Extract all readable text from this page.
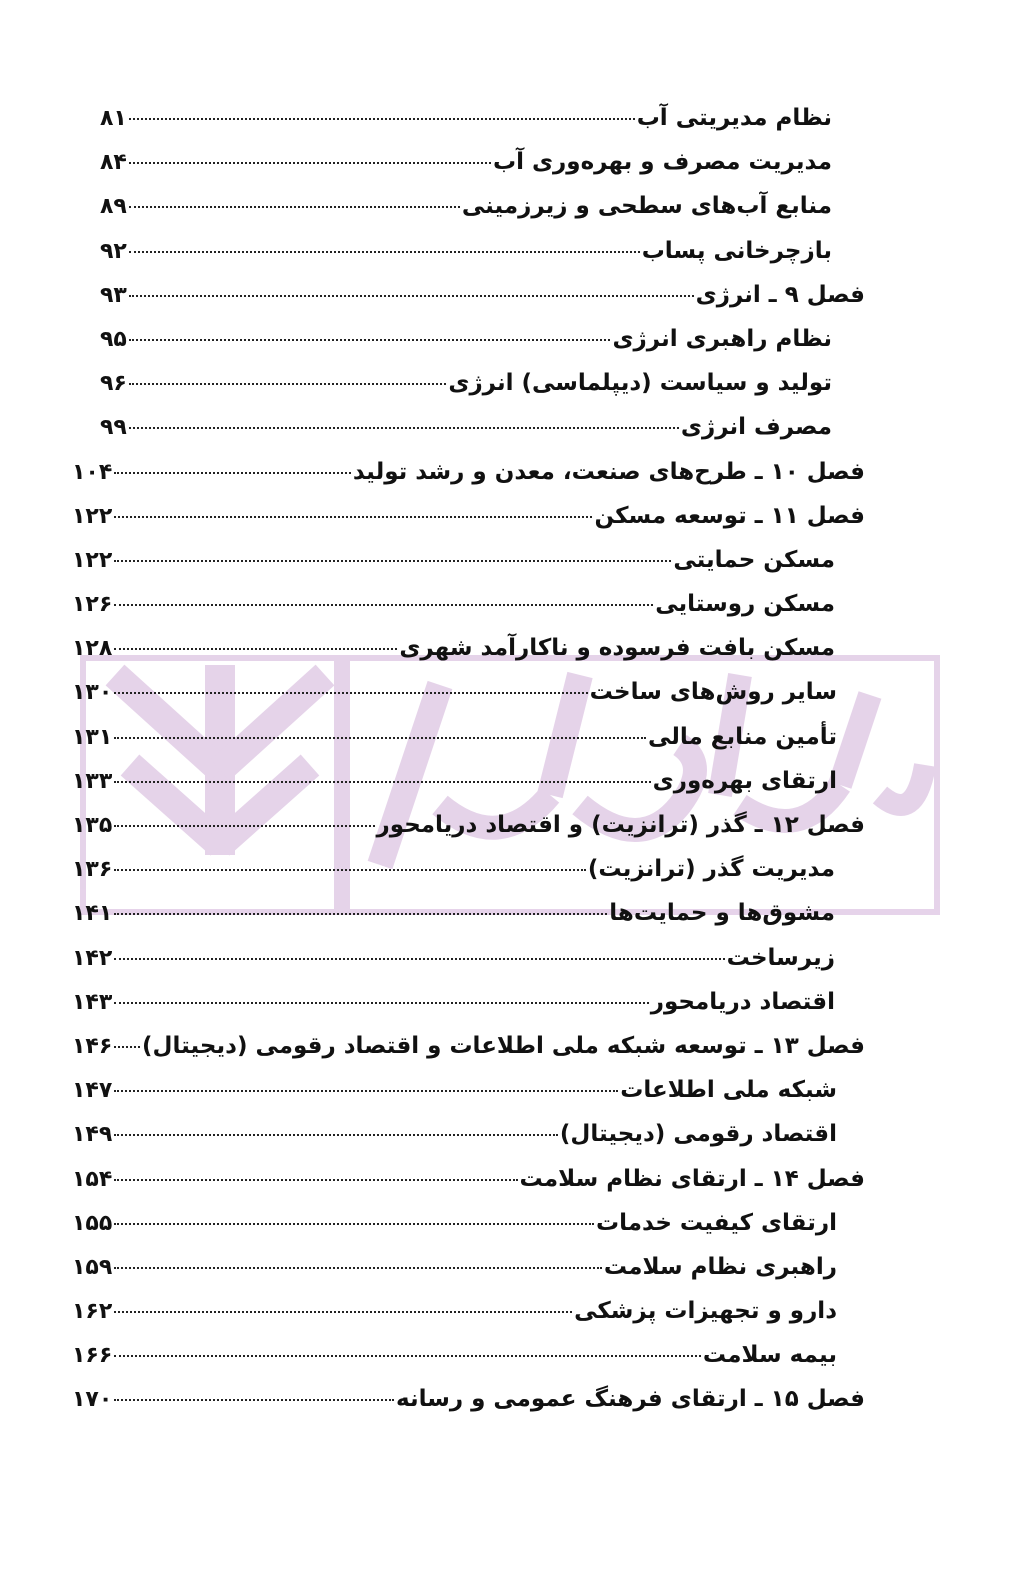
نظام مدیریتی آب
۸۱
مدیریت مصرف و بهره‌وری آب
۸۴
منابع آب‌های سطحی و زیرزمینی
۸۹
بازچرخانی پساب
۹۲
فصل ۹ ـ انرژی
۹۳
نظام راهبری انرژی
۹۵
تولید و سیاست (دیپلماسی) انرژی
۹۶
مصرف انرژی
۹۹
فصل ۱۰ ـ طرح‌های صنعت، معدن و رشد تولید
۱۰۴
فصل ۱۱ ـ توسعه مسکن
۱۲۲
مسکن حمایتی
۱۲۲
مسکن روستایی
۱۲۶
مسکن بافت فرسوده و ناکارآمد شهری
۱۲۸
سایر روش‌های ساخت
۱۳۰
تأمین منابع مالی
۱۳۱
ارتقای بهره‌وری
۱۳۳
فصل ۱۲ ـ گذر (ترانزیت) و اقتصاد دریامحور
۱۳۵
مدیریت گذر (ترانزیت)
۱۳۶
مشوق‌ها و حمایت‌ها
۱۴۱
زیرساخت
۱۴۲
اقتصاد دریامحور
۱۴۳
فصل ۱۳ ـ توسعه شبکه ملی اطلاعات و اقتصاد رقومی (دیجیتال)
۱۴۶
شبکه ملی اطلاعات
۱۴۷
اقتصاد رقومی (دیجیتال)
۱۴۹
فصل ۱۴ ـ ارتقای نظام سلامت
۱۵۴
ارتقای کیفیت خدمات
۱۵۵
راهبری نظام سلامت
۱۵۹
دارو و تجهیزات پزشکی
۱۶۲
بیمه سلامت
۱۶۶
فصل ۱۵ ـ ارتقای فرهنگ عمومی و رسانه
۱۷۰
